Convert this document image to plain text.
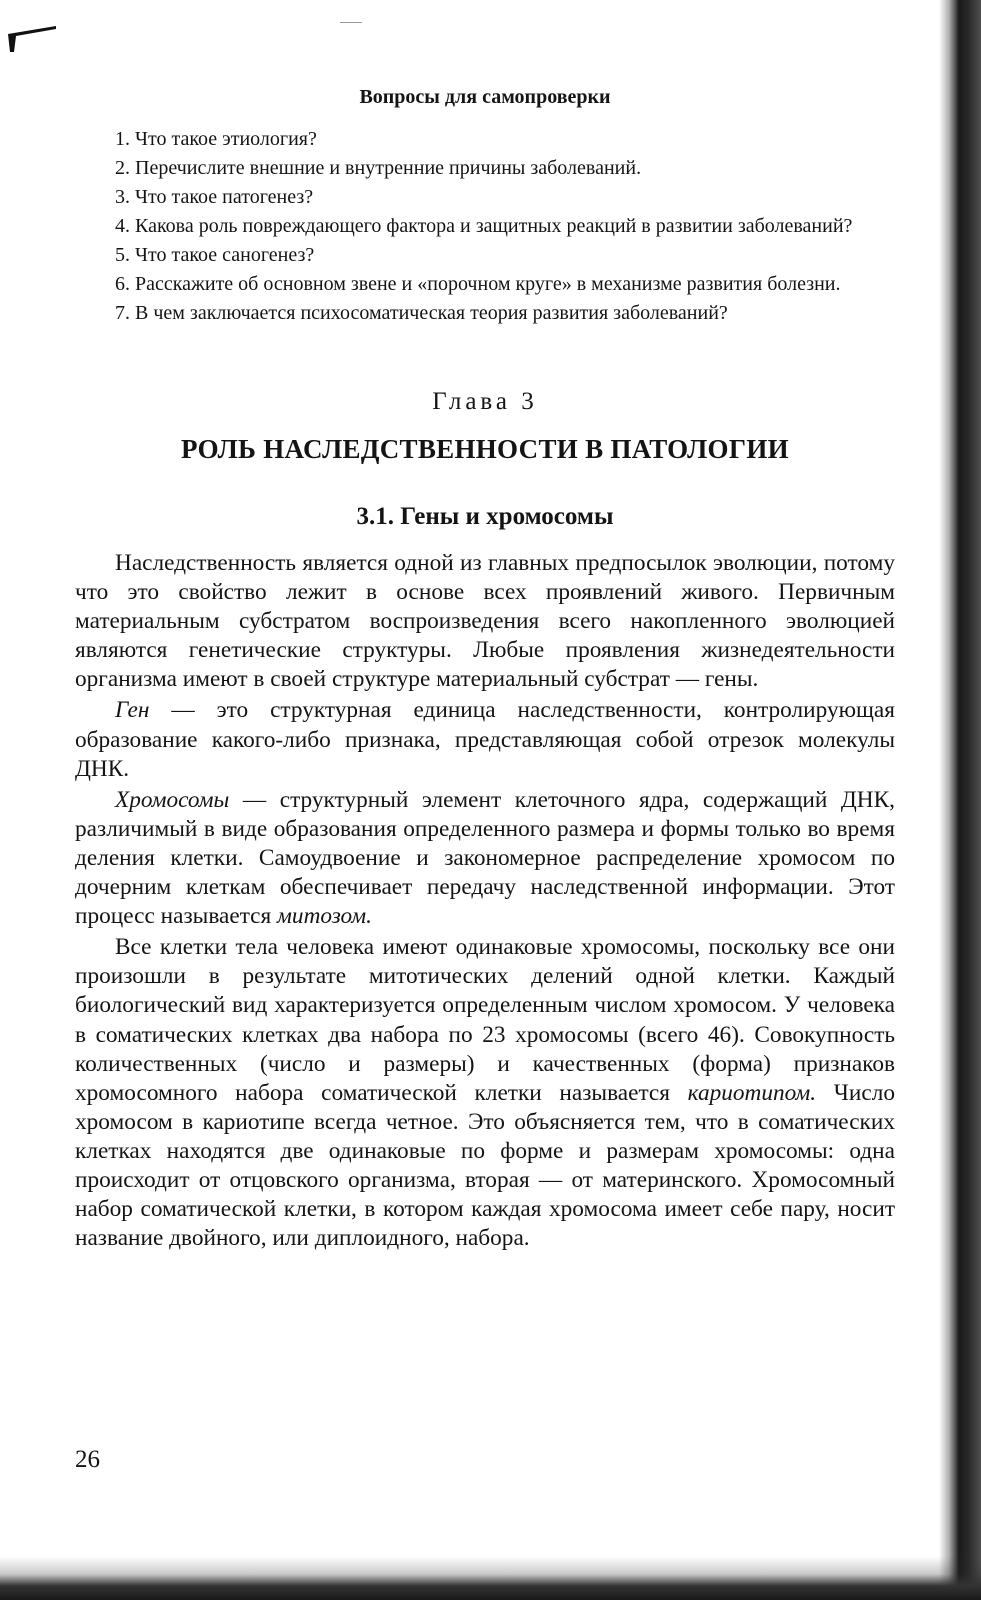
Вопросы для самопроверки

1. Что такое этиология?

2. Перечислите внешние и внутренние причины заболеваний.

3. Что такое патогенез?

4. Какова роль повреждающего фактора и защитных реакций в развитии заболеваний?

5. Что такое саногенез?

6. Расскажите об основном звене и «порочном круге» в механизме развития болезни.

7. В чем заключается психосоматическая теория развития заболеваний?

Глава 3
РОЛЬ НАСЛЕДСТВЕННОСТИ В ПАТОЛОГИИ
3.1. Гены и хромосомы

Наследственность является одной из главных предпосылок эволюции, потому что это свойство лежит в основе всех проявлений живого. Первичным материальным субстратом воспроизведения всего накопленного эволюцией являются генетические структуры. Любые проявления жизнедеятельности организма имеют в своей структуре материальный субстрат — гены.

Ген — это структурная единица наследственности, контролирующая образование какого-либо признака, представляющая собой отрезок молекулы ДНК.

Хромосомы — структурный элемент клеточного ядра, содержащий ДНК, различимый в виде образования определенного размера и формы только во время деления клетки. Самоудвоение и закономерное распределение хромосом по дочерним клеткам обеспечивает передачу наследственной информации. Этот процесс называется митозом.

Все клетки тела человека имеют одинаковые хромосомы, поскольку все они произошли в результате митотических делений одной клетки. Каждый биологический вид характеризуется определенным числом хромосом. У человека в соматических клетках два набора по 23 хромосомы (всего 46). Совокупность количественных (число и размеры) и качественных (форма) признаков хромосомного набора соматической клетки называется кариотипом. Число хромосом в кариотипе всегда четное. Это объясняется тем, что в соматических клетках находятся две одинаковые по форме и размерам хромосомы: одна происходит от отцовского организма, вторая — от материнского. Хромосомный набор соматической клетки, в котором каждая хромосома имеет себе пару, носит название двойного, или диплоидного, набора.

26
